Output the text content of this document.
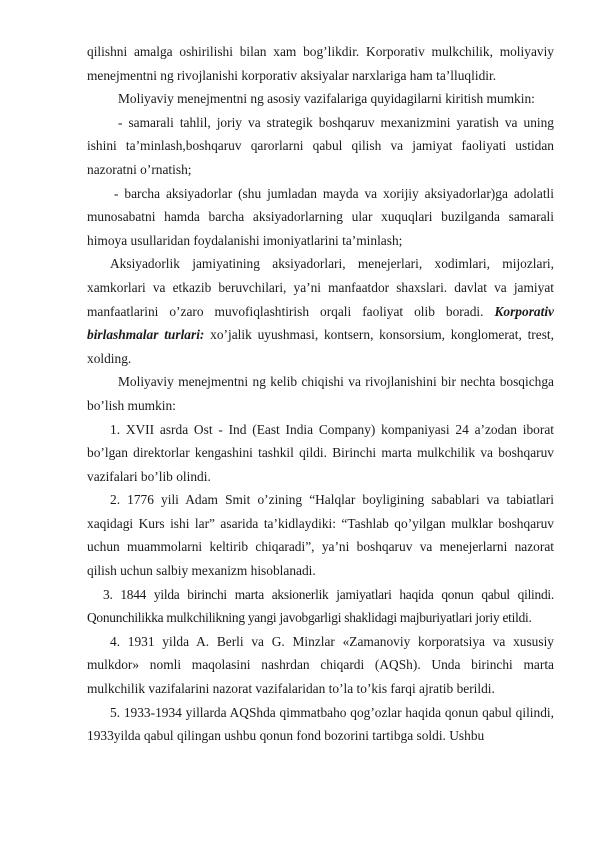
qilishni amalga oshirilishi bilan xam bog’likdir. Korporativ mulkchilik, moliyaviy menejmentni ng rivojlanishi korporativ aksiyalar narxlariga ham ta’lluqlidir.

Moliyaviy menejmentni ng asosiy vazifalariga quyidagilarni kiritish mumkin:

- samarali tahlil, joriy va strategik boshqaruv mexanizmini yaratish va uning ishini ta’minlash,boshqaruv qarorlarni qabul qilish va jamiyat faoliyati ustidan nazoratni o’rnatish;

- barcha aksiyadorlar (shu jumladan mayda va xorijiy aksiyadorlar)ga adolatli munosabatni hamda barcha aksiyadorlarning ular xuquqlari buzilganda samarali himoya usullaridan foydalanishi imoniyatlarini ta’minlash;

Aksiyadorlik jamiyatining aksiyadorlari, menejerlari, xodimlari, mijozlari, xamkorlari va etkazib beruvchilari, ya’ni manfaatdor shaxslari. davlat va jamiyat manfaatlarini o’zaro muvofiqlashtirish orqali faoliyat olib boradi. Korporativ birlashmalar turlari: xo’jalik uyushmasi, kontsern, konsorsium, konglomerat, trest, xolding.

Moliyaviy menejmentni ng kelib chiqishi va rivojlanishini bir nechta bosqichga bo’lish mumkin:

1. XVII asrda Ost - Ind (East India Company) kompaniyasi 24 a’zodan iborat bo’lgan direktorlar kengashini tashkil qildi. Birinchi marta mulkchilik va boshqaruv vazifalari bo’lib olindi.

2. 1776 yili Adam Smit o’zining “Halqlar boyligining sabablari va tabiatlari xaqidagi Kurs ishi lar” asarida ta’kidlaydiki: “Tashlab qo’yilgan mulklar boshqaruv uchun muammolarni keltirib chiqaradi”, ya’ni boshqaruv va menejerlarni nazorat qilish uchun salbiy mexanizm hisoblanadi.

3. 1844 yilda birinchi marta aksionerlik jamiyatlari haqida qonun qabul qilindi. Qonunchilikka mulkchilikning yangi javobgarligi shaklidagi majburiyatlari joriy etildi.

4. 1931 yilda A. Berli va G. Minzlar «Zamanoviy korporatsiya va xususiy mulkdor» nomli maqolasini nashrdan chiqardi (AQSh). Unda birinchi marta mulkchilik vazifalarini nazorat vazifalaridan to’la to’kis farqi ajratib berildi.

5. 1933-1934 yillarda AQShda qimmatbaho qog’ozlar haqida qonun qabul qilindi, 1933yilda qabul qilingan ushbu qonun fond bozorini tartibga soldi. Ushbu
